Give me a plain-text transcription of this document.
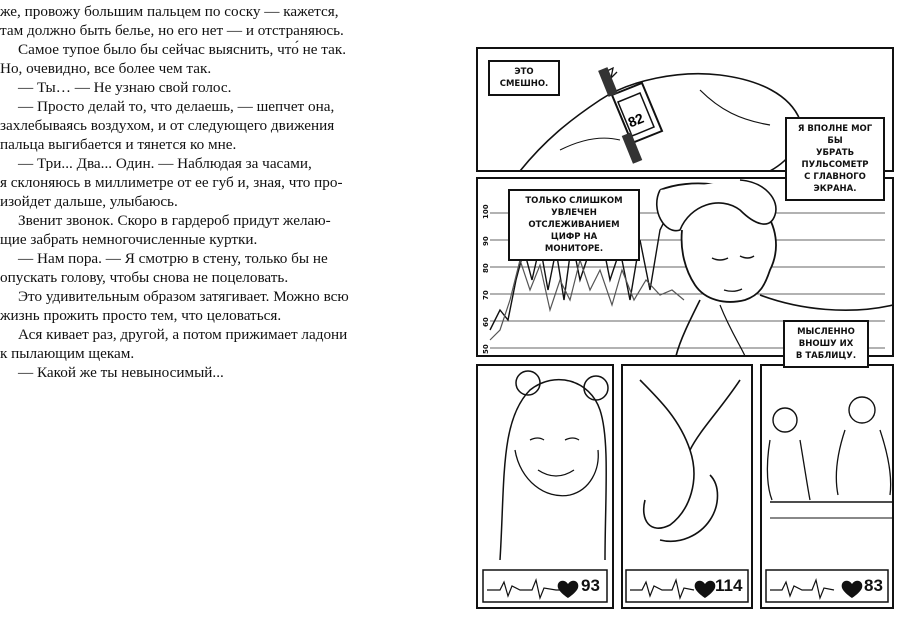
же, провожу большим пальцем по соску — кажется,

там должно быть белье, но его нет — и отстраняюсь.

Самое тупое было бы сейчас выяснить, что́ не так.

Но, очевидно, все более чем так.

— Ты… — Не узнаю свой голос.

— Просто делай то, что делаешь, — шепчет она,

захлебываясь воздухом, и от следующего движения

пальца выгибается и тянется ко мне.

— Три... Два... Один. — Наблюдая за часами,

я склоняюсь в миллиметре от ее губ и, зная, что про-

изойдет дальше, улыбаюсь.

Звенит звонок. Скоро в гардероб придут желаю-

щие забрать немногочисленные куртки.

— Нам пора. — Я смотрю в стену, только бы не

опускать голову, чтобы снова не поцеловать.

Это удивительным образом затягивает. Можно всю

жизнь прожить просто тем, что целоваться.

Ася кивает раз, другой, а потом прижимает ладони

к пылающим щекам.

— Какой же ты невыносимый...

82
ЭТО СМЕШНО.
Я ВПОЛНЕ МОГ БЫ
УБРАТЬ ПУЛЬСОМЕТР
С ГЛАВНОГО ЭКРАНА.
ТОЛЬКО СЛИШКОМ УВЛЕЧЕН
ОТСЛЕЖИВАНИЕМ ЦИФР НА
МОНИТОРЕ.
МЫСЛЕННО ВНОШУ ИХ
В ТАБЛИЦУ.
100
90
80
70
60
50
93	114	83
